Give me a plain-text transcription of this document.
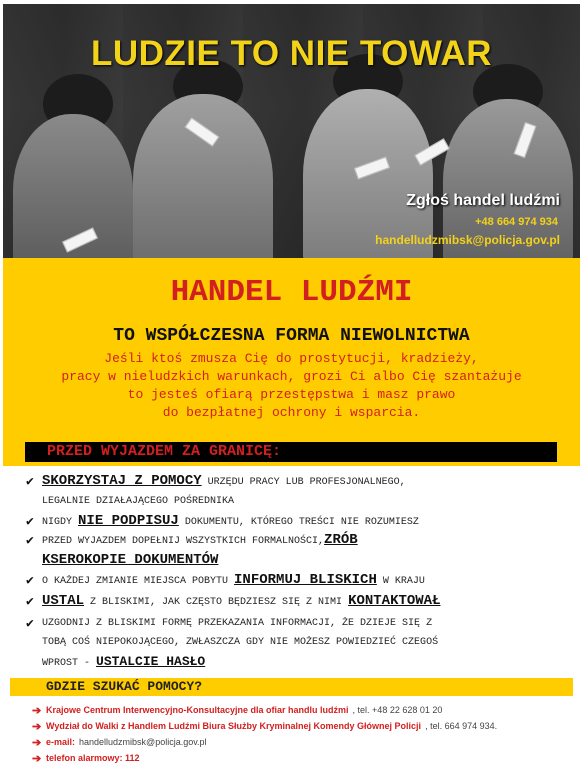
LUDZIE TO NIE TOWAR
Zgłoś handel ludźmi
+48 664 974 934
handelludzmibsk@policja.gov.pl
HANDEL LUDŹMI
TO WSPÓŁCZESNA FORMA NIEWOLNICTWA
Jeśli ktoś zmusza Cię do prostytucji, kradzieży,
pracy w nieludzkich warunkach, grozi Ci albo Cię szantażuje
to jesteś ofiarą przestępstwa i masz prawo
do bezpłatnej ochrony i wsparcia.
PRZED WYJAZDEM ZA GRANICĘ:
✔ SKORZYSTAJ Z POMOCY URZĘDU PRACY LUB PROFESJONALNEGO,
LEGALNIE DZIAŁAJĄCEGO POŚREDNIKA
✔ NIGDY NIE PODPISUJ DOKUMENTU, KTÓREGO TREŚCI NIE ROZUMIESZ
✔ PRZED WYJAZDEM DOPEŁNIJ WSZYSTKICH FORMALNOŚCI,ZRÓB
KSEROKOPIE DOKUMENTÓW
✔ O KAŻDEJ ZMIANIE MIEJSCA POBYTU INFORMUJ BLISKICH W KRAJU
✔ USTAL Z BLISKIMI, JAK CZĘSTO BĘDZIESZ SIĘ Z NIMI KONTAKTOWAŁ
✔ UZGODNIJ Z BLISKIMI FORMĘ PRZEKAZANIA INFORMACJI, ŻE DZIEJE SIĘ Z
TOBĄ COŚ NIEPOKOJĄCEGO, ZWŁASZCZA GDY NIE MOŻESZ POWIEDZIEĆ CZEGOŚ
WPROST - USTALCIE HASŁO
GDZIE SZUKAĆ POMOCY?
➔ Krajowe Centrum Interwencyjno-Konsultacyjne dla ofiar handlu ludźmi , tel. +48 22 628 01 20
➔ Wydział do Walki z Handlem Ludźmi Biura Służby Kryminalnej Komendy Głównej Policji , tel. 664 974 934.
➔ e-mail: handelludzmibsk@policja.gov.pl
➔ telefon alarmowy: 112
